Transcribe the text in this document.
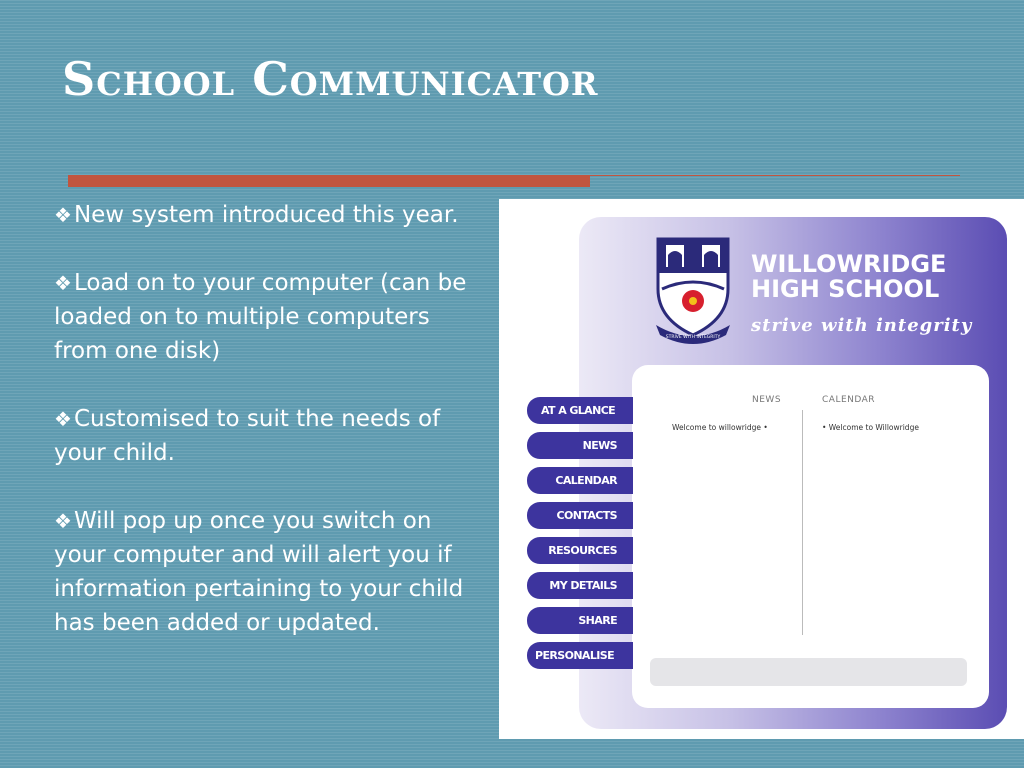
School Communicator

❖New system introduced this year.

❖Load on to your computer (can be loaded on to multiple computers from one disk)

❖Customised to suit the needs of your child.

❖Will pop up once you switch on your computer and will alert you if information pertaining to your child has been added or updated.

STRIVE WITH INTEGRITY
WILLOWRIDGE
HIGH SCHOOL
strive with integrity
NEWS	CALENDAR
Welcome to willowridge •	• Welcome to Willowridge
AT A GLANCE
NEWS
CALENDAR
CONTACTS
RESOURCES
MY DETAILS
SHARE
PERSONALISE
